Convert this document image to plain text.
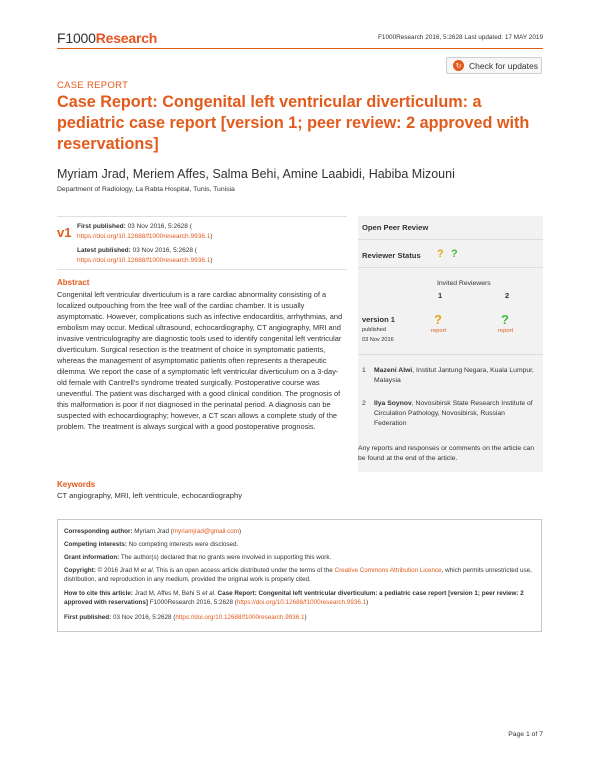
F1000Research	F1000Research 2016, 5:2628 Last updated: 17 MAY 2019
↻ Check for updates
CASE REPORT
Case Report: Congenital left ventricular diverticulum: a pediatric case report [version 1; peer review: 2 approved with reservations]
Myriam Jrad, Meriem Affes, Salma Behi, Amine Laabidi, Habiba Mizouni
Department of Radiology, La Rabta Hospital, Tunis, Tunisia
v1 First published: 03 Nov 2016, 5:2628 (
https://doi.org/10.12688/f1000research.9936.1)
Latest published: 03 Nov 2016, 5:2628 (
https://doi.org/10.12688/f1000research.9936.1)
Abstract
Congenital left ventricular diverticulum is a rare cardiac abnormality consisting of a localized outpouching from the free wall of the cardiac chamber. It is usually asymptomatic. However, complications such as infective endocarditis, arrhythmias, and embolism may occur. Medical ultrasound, echocardiography, CT angiography, MRI and invasive ventriculography are diagnostic tools used to identify congenital left ventricular diverticulum. Surgical resection is the treatment of choice in symptomatic patients, whereas the management of asymptomatic patients often represents a therapeutic dilemma. We report the case of a symptomatic left ventricular diverticulum on a 3-day-old female with Cantrell's syndrome treated surgically. Postoperative course was uneventful. The patient was discharged with a good clinical condition. The prognosis of this malformation is poor if not diagnosed in the perinatal period. A diagnosis can be suspected with echocardiography; however, a CT scan allows a complete study of the problem. The treatment is always surgical with a good postoperative prognosis.
Keywords
CT angiography, MRI, left ventricule, echocardiography
Open Peer Review
Reviewer Status ? ?
Invited Reviewers
1	2
version 1
published
03 Nov 2016
?	?
report	report
1 Mazeni Alwi, Institut Jantung Negara, Kuala Lumpur, Malaysia
2 Ilya Soynov, Novosibirsk State Research Institute of Circulation Pathology, Novosibirsk, Russian Federation
Any reports and responses or comments on the article can be found at the end of the article.
Corresponding author: Myriam Jrad (myriamjrad@gmail.com)
Competing interests: No competing interests were disclosed.
Grant information: The author(s) declared that no grants were involved in supporting this work.
Copyright: © 2016 Jrad M et al. This is an open access article distributed under the terms of the Creative Commons Attribution Licence, which permits unrestricted use, distribution, and reproduction in any medium, provided the original work is properly cited.
How to cite this article: Jrad M, Affes M, Behi S et al. Case Report: Congenital left ventricular diverticulum: a pediatric case report [version 1; peer review: 2 approved with reservations] F1000Research 2016, 5:2628 (https://doi.org/10.12688/f1000research.9936.1)
First published: 03 Nov 2016, 5:2628 (https://doi.org/10.12688/f1000research.9936.1)
Page 1 of 7
